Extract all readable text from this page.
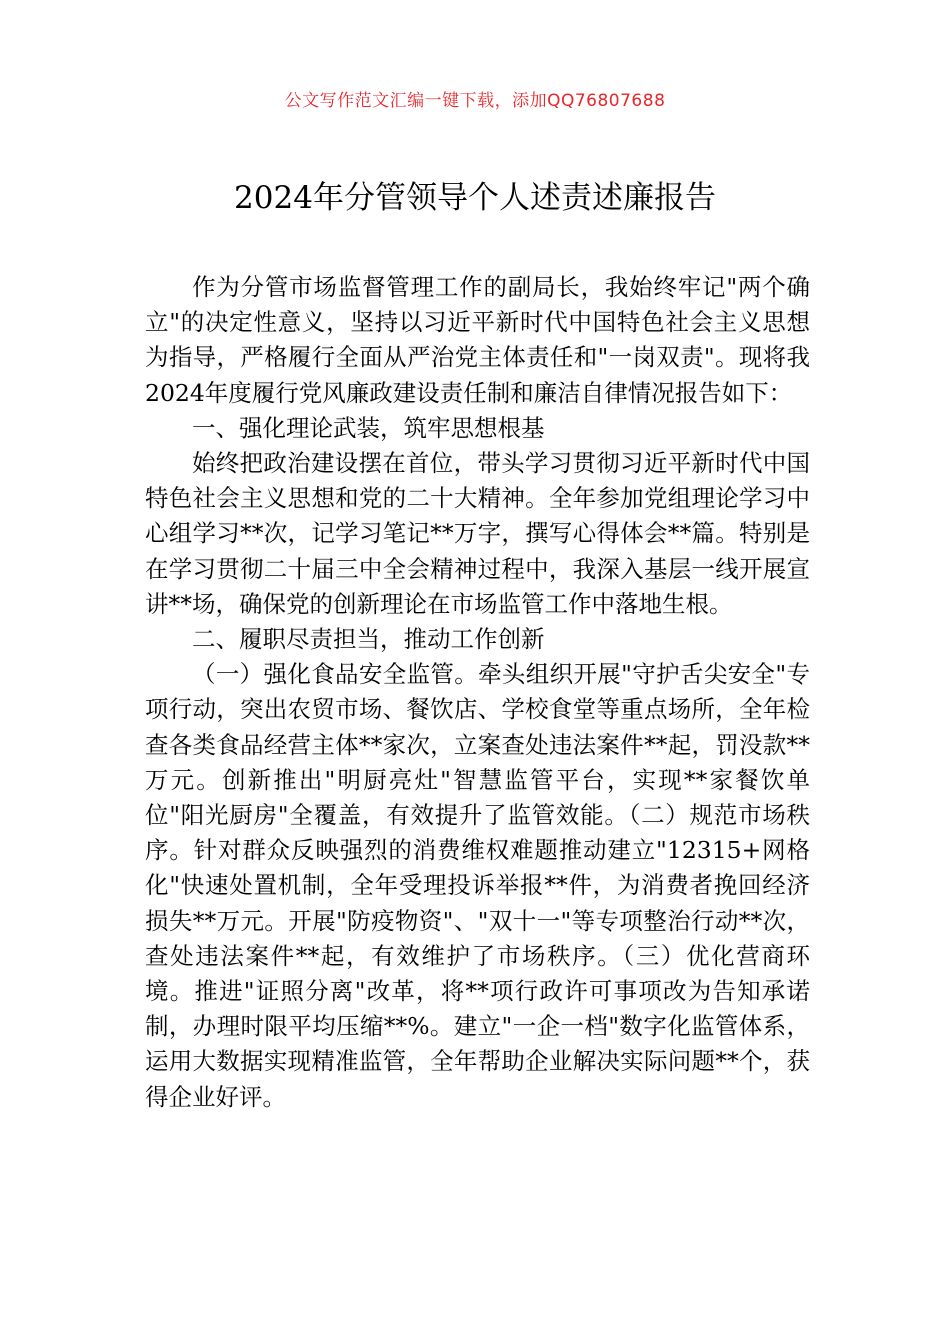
公文写作范文汇编一键下载，添加QQ76807688
2024年分管领导个人述责述廉报告

作为分管市场监督管理工作的副局长，我始终牢记"两个确立"的决定性意义，坚持以习近平新时代中国特色社会主义思想为指导，严格履行全面从严治党主体责任和"一岗双责"。现将我2024年度履行党风廉政建设责任制和廉洁自律情况报告如下：

一、强化理论武装，筑牢思想根基

始终把政治建设摆在首位，带头学习贯彻习近平新时代中国特色社会主义思想和党的二十大精神。全年参加党组理论学习中心组学习**次，记学习笔记**万字，撰写心得体会**篇。特别是在学习贯彻二十届三中全会精神过程中，我深入基层一线开展宣讲**场，确保党的创新理论在市场监管工作中落地生根。

二、履职尽责担当，推动工作创新

（一）强化食品安全监管。牵头组织开展"守护舌尖安全"专项行动，突出农贸市场、餐饮店、学校食堂等重点场所，全年检查各类食品经营主体**家次，立案查处违法案件**起，罚没款**万元。创新推出"明厨亮灶"智慧监管平台，实现**家餐饮单位"阳光厨房"全覆盖，有效提升了监管效能。（二）规范市场秩序。针对群众反映强烈的消费维权难题推动建立"12315+网格化"快速处置机制，全年受理投诉举报**件，为消费者挽回经济损失**万元。开展"防疫物资"、"双十一"等专项整治行动**次，查处违法案件**起，有效维护了市场秩序。（三）优化营商环境。推进"证照分离"改革，将**项行政许可事项改为告知承诺制，办理时限平均压缩**%。建立"一企一档"数字化监管体系，运用大数据实现精准监管，全年帮助企业解决实际问题**个，获得企业好评。
